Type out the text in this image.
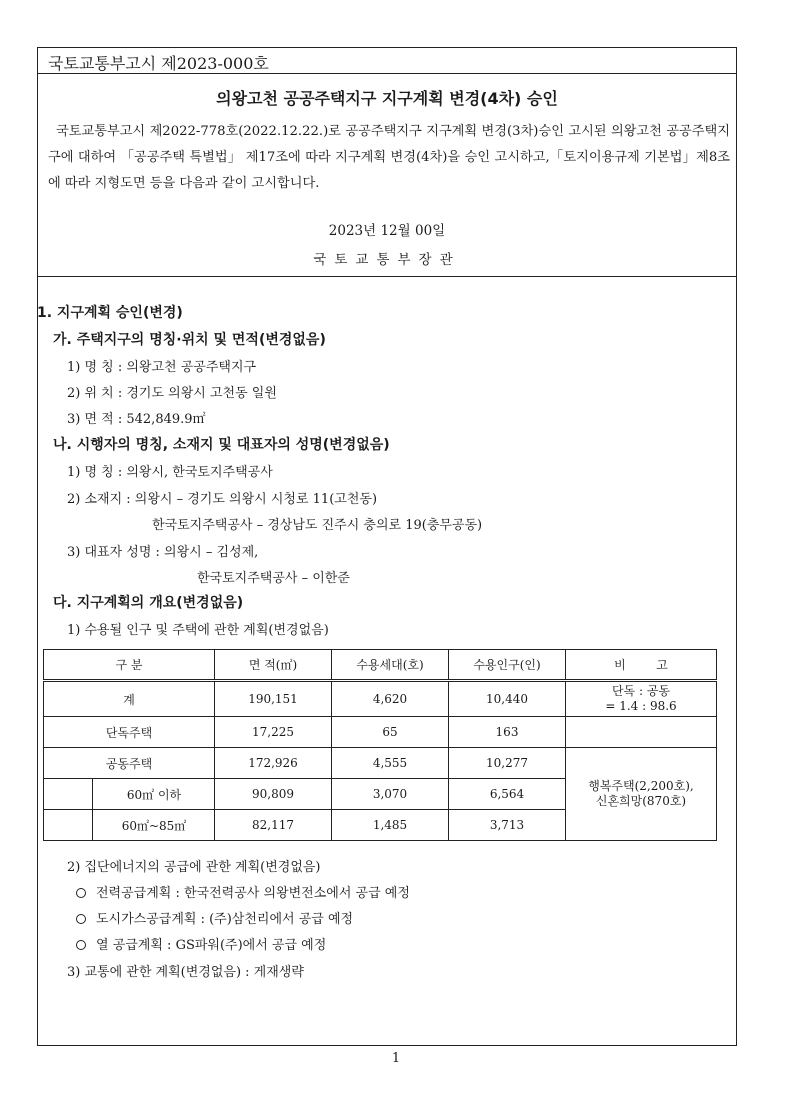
국토교통부고시 제2023-000호
의왕고천 공공주택지구 지구계획 변경(4차) 승인
국토교통부고시 제2022-778호(2022.12.22.)로 공공주택지구 지구계획 변경(3차)승인 고시된 의왕고천 공공주택지구에 대하여 「공공주택 특별법」 제17조에 따라 지구계획 변경(4차)을 승인 고시하고,「토지이용규제 기본법」제8조에 따라 지형도면 등을 다음과 같이 고시합니다.
2023년 12월 00일
국토교통부장관
1. 지구계획 승인(변경)
가. 주택지구의 명칭·위치 및 면적(변경없음)
1) 명 칭 : 의왕고천 공공주택지구
2) 위 치 : 경기도 의왕시 고천동 일원
3) 면 적 : 542,849.9㎡
나. 시행자의 명칭, 소재지 및 대표자의 성명(변경없음)
1) 명 칭 : 의왕시, 한국토지주택공사
2) 소재지 : 의왕시 – 경기도 의왕시 시청로 11(고천동)
한국토지주택공사 – 경상남도 진주시 충의로 19(충무공동)
3) 대표자 성명 : 의왕시 – 김성제,
한국토지주택공사 – 이한준
다. 지구계획의 개요(변경없음)
1) 수용될 인구 및 주택에 관한 계획(변경없음)
구 분	면 적(㎡)	수용세대(호)	수용인구(인)	비        고
계	190,151	4,620	10,440	단독 : 공동
= 1.4 : 98.6

단독주택	17,225	65	163	
공동주택	172,926	4,555	10,277	행복주택(2,200호),
신혼희망(870호)

60㎡ 이하	90,809	3,070	6,564	

60㎡~85㎡	82,117	1,485	3,713	
2) 집단에너지의 공급에 관한 계획(변경없음)
전력공급계획 : 한국전력공사 의왕변전소에서 공급 예정
도시가스공급계획 : (주)삼천리에서 공급 예정
열 공급계획 : GS파워(주)에서 공급 예정
3) 교통에 관한 계획(변경없음) : 게재생략
1
